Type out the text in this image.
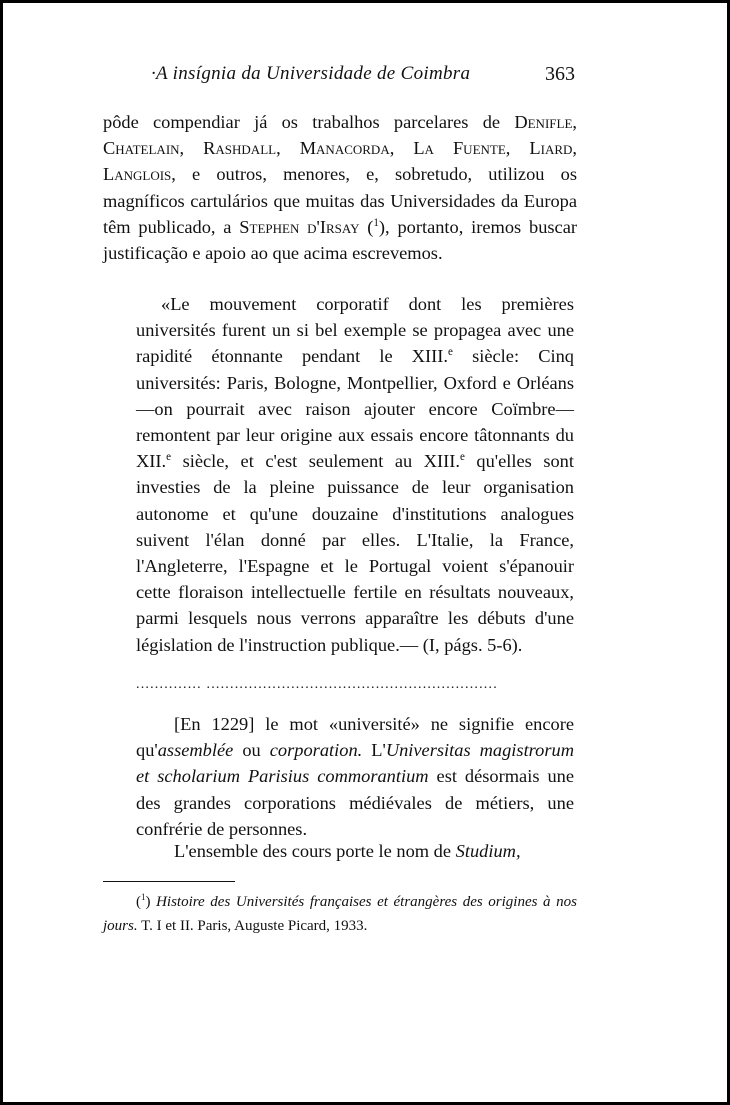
·A insígnia da Universidade de Coimbra	363
pôde compendiar já os trabalhos parcelares de Denifle, Chatelain, Rashdall, Manacorda, La Fuente, Liard, Langlois, e outros, menores, e, sobretudo, utilizou os magníficos cartulários que muitas das Universidades da Europa têm publicado, a Stephen d'Irsay ($^1$), portanto, iremos buscar justificação e apoio ao que acima escrevemos.
«Le mouvement corporatif dont les premières universités furent un si bel exemple se propagea avec une rapidité étonnante pendant le XIII.$^e$ siècle: Cinq universités: Paris, Bologne, Montpellier, Oxford e Orléans—on pourrait avec raison ajouter encore Coïmbre—remontent par leur origine aux essais encore tâtonnants du XII.$^e$ siècle, et c'est seulement au XIII.$^e$ qu'elles sont investies de la pleine puissance de leur organisation autonome et qu'une douzaine d'institutions analogues suivent l'élan donné par elles. L'Italie, la France, l'Angleterre, l'Espagne et le Portugal voient s'épanouir cette floraison intellectuelle fertile en résultats nouveaux, parmi lesquels nous verrons apparaître les débuts d'une législation de l'instruction publique.— (I, págs. 5-6).
.............. ..............................................................
[En 1229] le mot «université» ne signifie encore qu'assemblée ou corporation. L'Universitas magistrorum et scholarium Parisius commorantium est désormais une des grandes corporations médiévales de métiers, une confrérie de personnes.
L'ensemble des cours porte le nom de Studium,
($^1$) Histoire des Universités françaises et étrangères des origines à nos jours. T. I et II. Paris, Auguste Picard, 1933.
